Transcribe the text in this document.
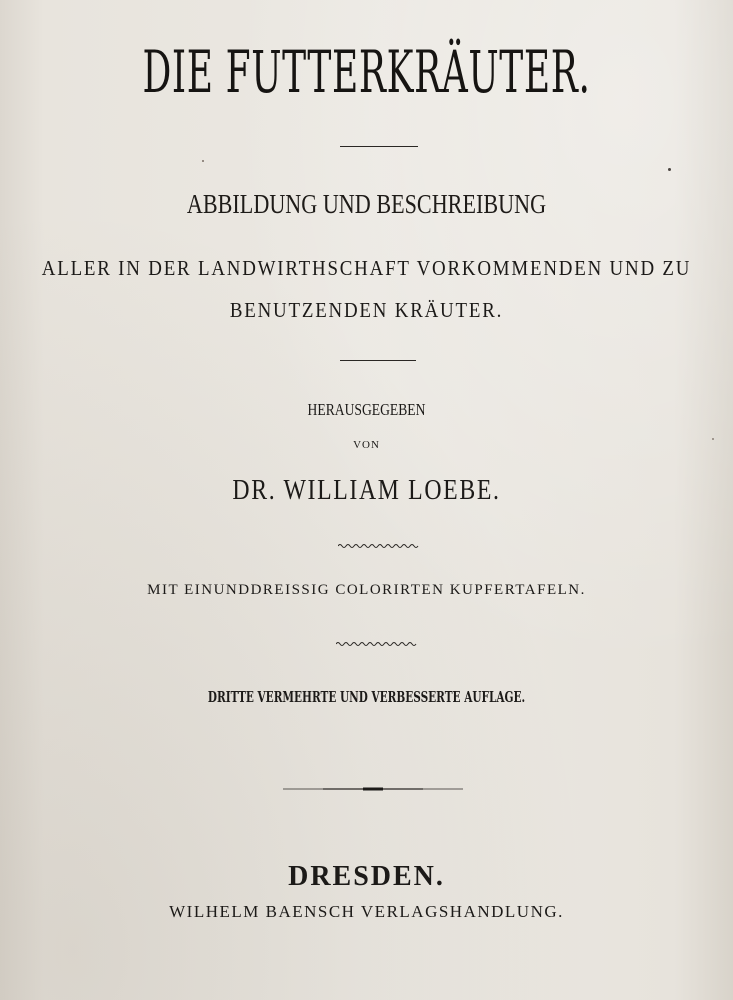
DIE FUTTERKRÄUTER.
ABBILDUNG UND BESCHREIBUNG
ALLER IN DER LANDWIRTHSCHAFT VORKOMMENDEN UND ZU
BENUTZENDEN KRÄUTER.
HERAUSGEGEBEN
VON
DR. WILLIAM LOEBE.
MIT EINUNDDREISSIG COLORIRTEN KUPFERTAFELN.
DRITTE VERMEHRTE UND VERBESSERTE AUFLAGE.
DRESDEN.
WILHELM BAENSCH VERLAGSHANDLUNG.
